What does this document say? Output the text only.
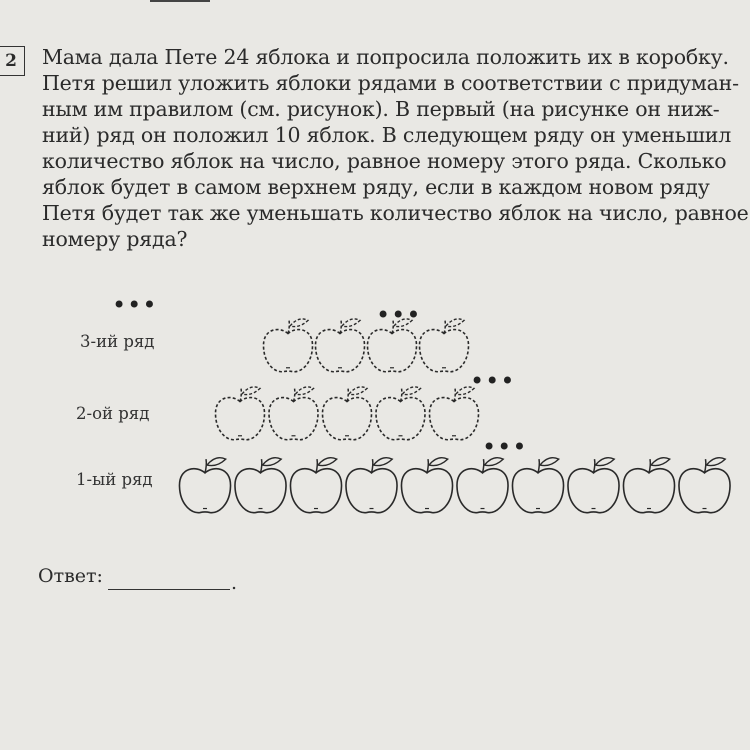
2	Мама дала Пете 24 яблока и попросила положить их в коробку.
Петя решил уложить яблоки рядами в соответствии с придуман-
ным им правилом (см. рисунок). В первый (на рисунке он ниж-
ний) ряд он положил 10 яблок. В следующем ряду он уменьшил
количество яблок на число, равное номеру этого ряда. Сколько
яблок будет в самом верхнем ряду, если в каждом новом ряду
Петя будет так же уменьшать количество яблок на число, равное
номеру ряда?

•••	•••
•••
•••
3-ий ряд
2-ой ряд
1-ый ряд
Ответ:	.
